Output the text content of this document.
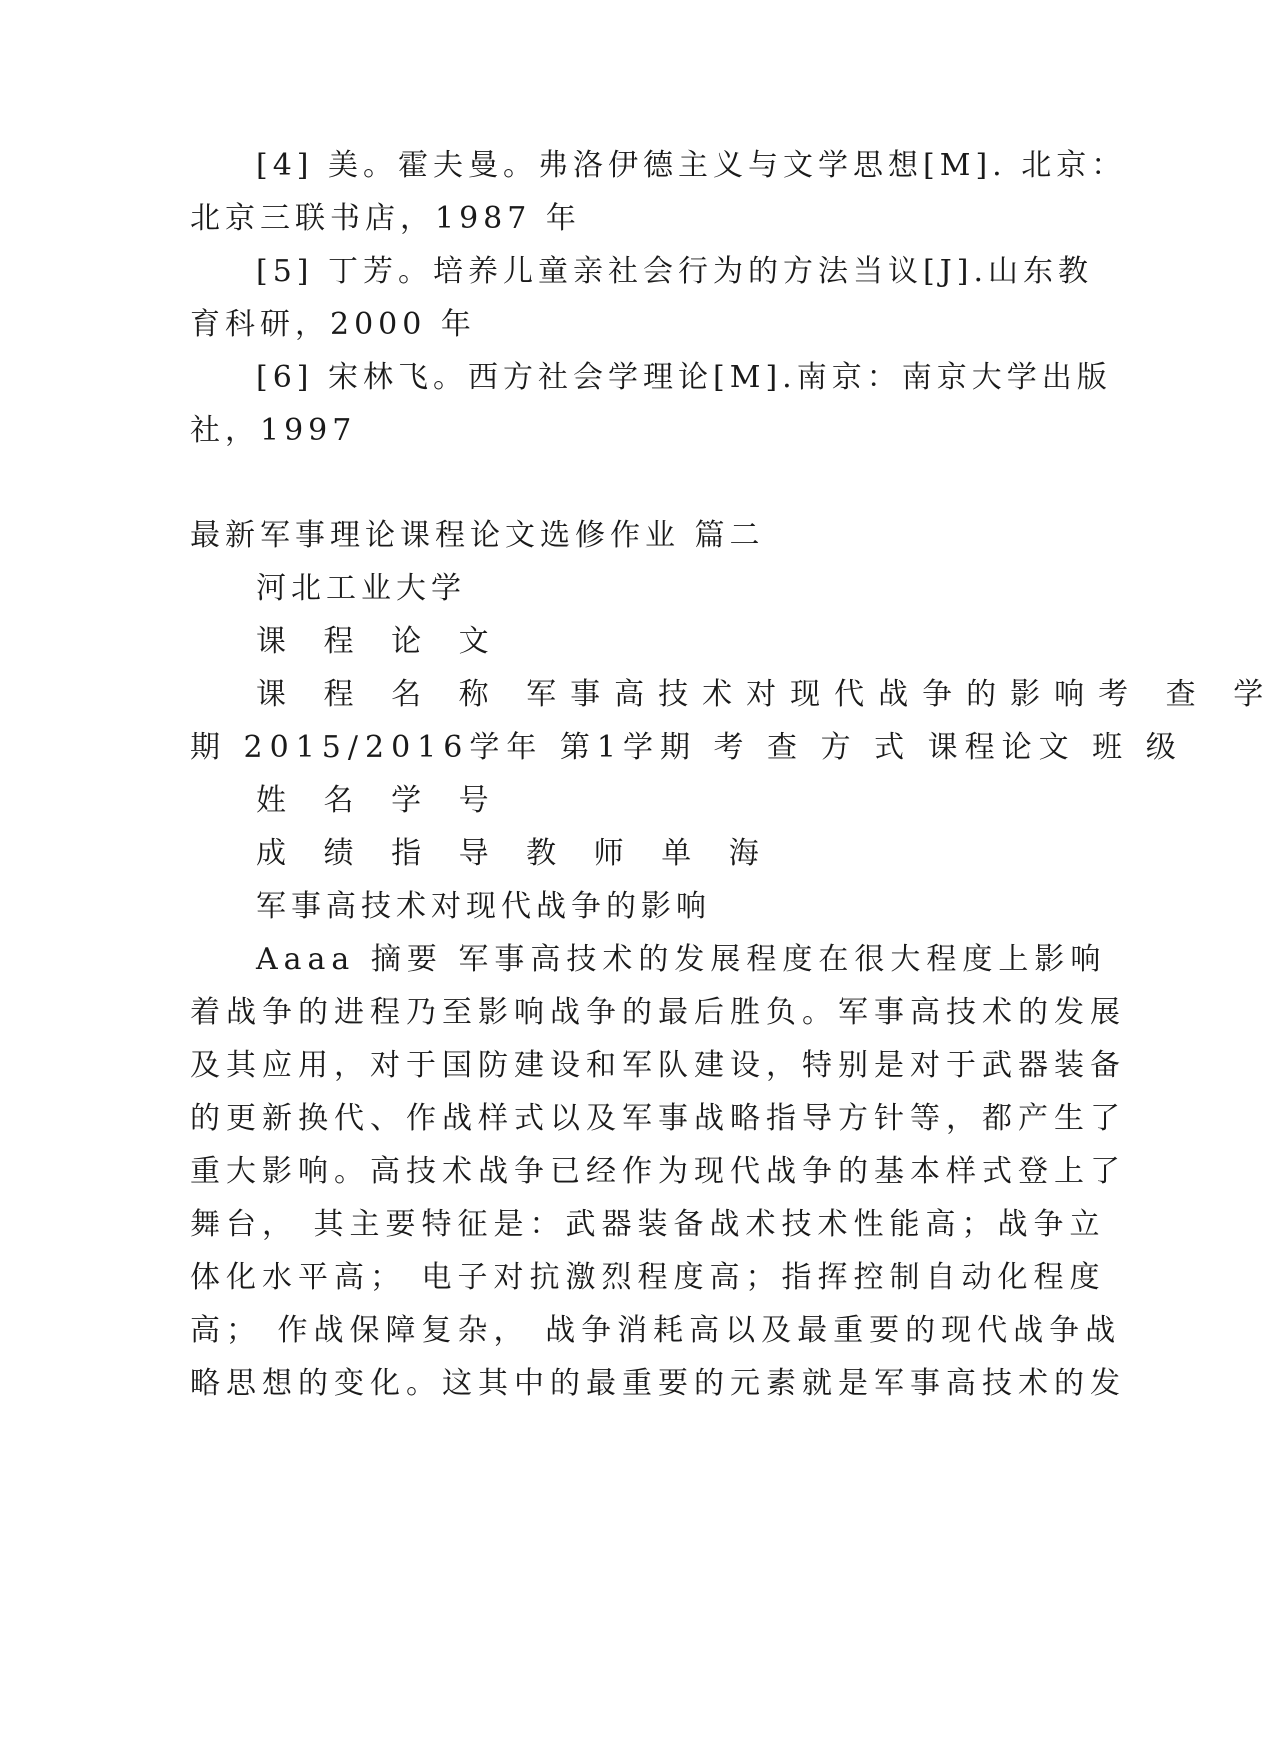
[4] 美。霍夫曼。弗洛伊德主义与文学思想[M]. 北京：
北京三联书店，1987 年
[5] 丁芳。培养儿童亲社会行为的方法当议[J].山东教
育科研，2000 年
[6] 宋林飞。西方社会学理论[M].南京：南京大学出版
社，1997
最新军事理论课程论文选修作业 篇二
河北工业大学
课 程 论 文
课 程 名 称 军事高技术对现代战争的影响考 查 学
期 2015/2016学年 第1学期 考 查 方 式 课程论文 班 级
姓 名 学 号
成 绩 指 导 教 师 单 海
军事高技术对现代战争的影响
Aaaa 摘要 军事高技术的发展程度在很大程度上影响
着战争的进程乃至影响战争的最后胜负。军事高技术的发展
及其应用，对于国防建设和军队建设，特别是对于武器装备
的更新换代、作战样式以及军事战略指导方针等，都产生了
重大影响。高技术战争已经作为现代战争的基本样式登上了
舞台， 其主要特征是：武器装备战术技术性能高；战争立
体化水平高； 电子对抗激烈程度高；指挥控制自动化程度
高； 作战保障复杂， 战争消耗高以及最重要的现代战争战
略思想的变化。这其中的最重要的元素就是军事高技术的发
